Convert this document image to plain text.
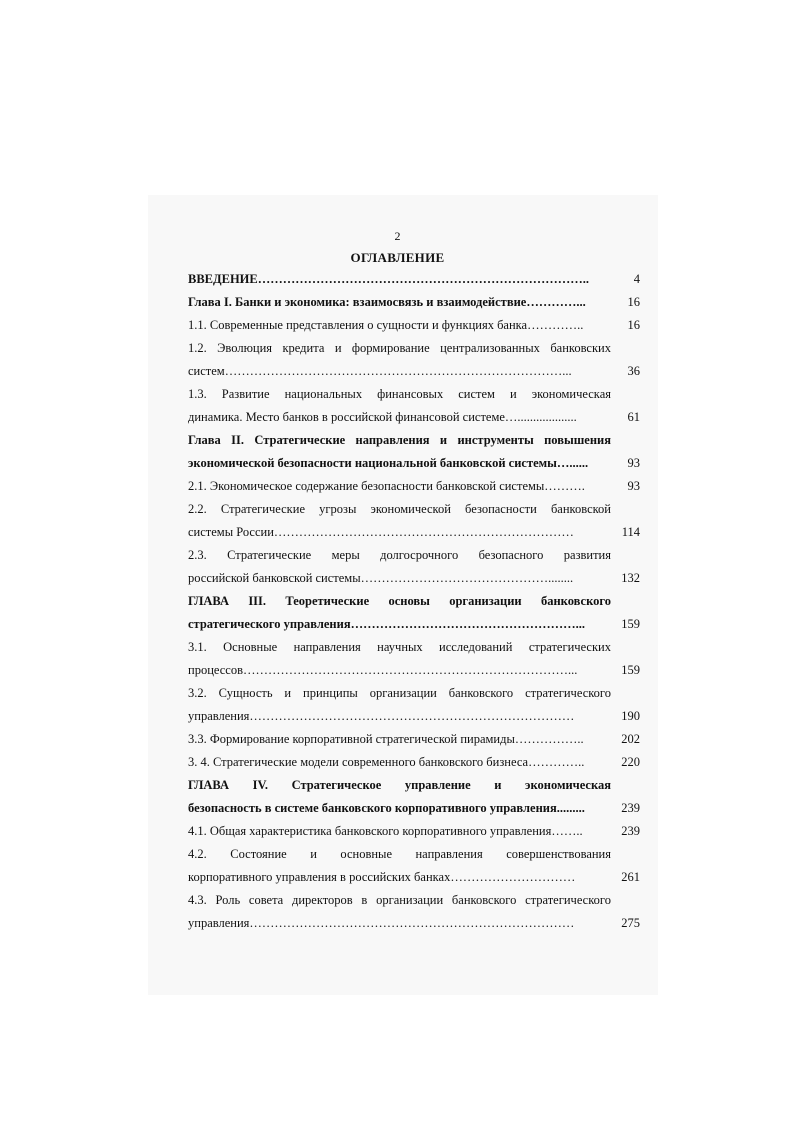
2
ОГЛАВЛЕНИЕ
ВВЕДЕНИЕ……………………………………………………………………..	4
Глава I. Банки и экономика: взаимосвязь и взаимодействие…………...	16
1.1. Современные представления о сущности и функциях банка…………..	16
1.2. Эволюция кредита и формирование централизованных банковских
систем………………………………………………………………………...	36
1.3. Развитие национальных финансовых систем и экономическая
динамика. Место банков в российской финансовой системе…...................	61
Глава II. Стратегические направления и инструменты повышения
экономической безопасности национальной банковской системы…......	93
2.1. Экономическое содержание безопасности банковской системы……….	93
2.2. Стратегические угрозы экономической безопасности банковской
системы России………………………………………………………………	114
2.3. Стратегические меры долгосрочного безопасного развития
российской банковской системы………………………………………........	132
ГЛАВА III. Теоретические основы организации банковского
стратегического управления………………………………………………...	159
3.1. Основные направления научных исследований стратегических
процессов……………………………………………………………………...	159
3.2. Сущность и принципы организации банковского стратегического
управления……………………………………………………………………	190
3.3. Формирование корпоративной стратегической пирамиды……………..	202
3. 4. Стратегические модели современного банковского бизнеса…………..	220
ГЛАВА IV. Стратегическое управление и экономическая
безопасность в системе банковского корпоративного управления.........	239
4.1. Общая характеристика банковского корпоративного управления……..	239
4.2. Состояние и основные направления совершенствования
корпоративного управления в российских банках…………………………	261
4.3. Роль совета директоров в организации банковского стратегического
управления……………………………………………………………………	275
